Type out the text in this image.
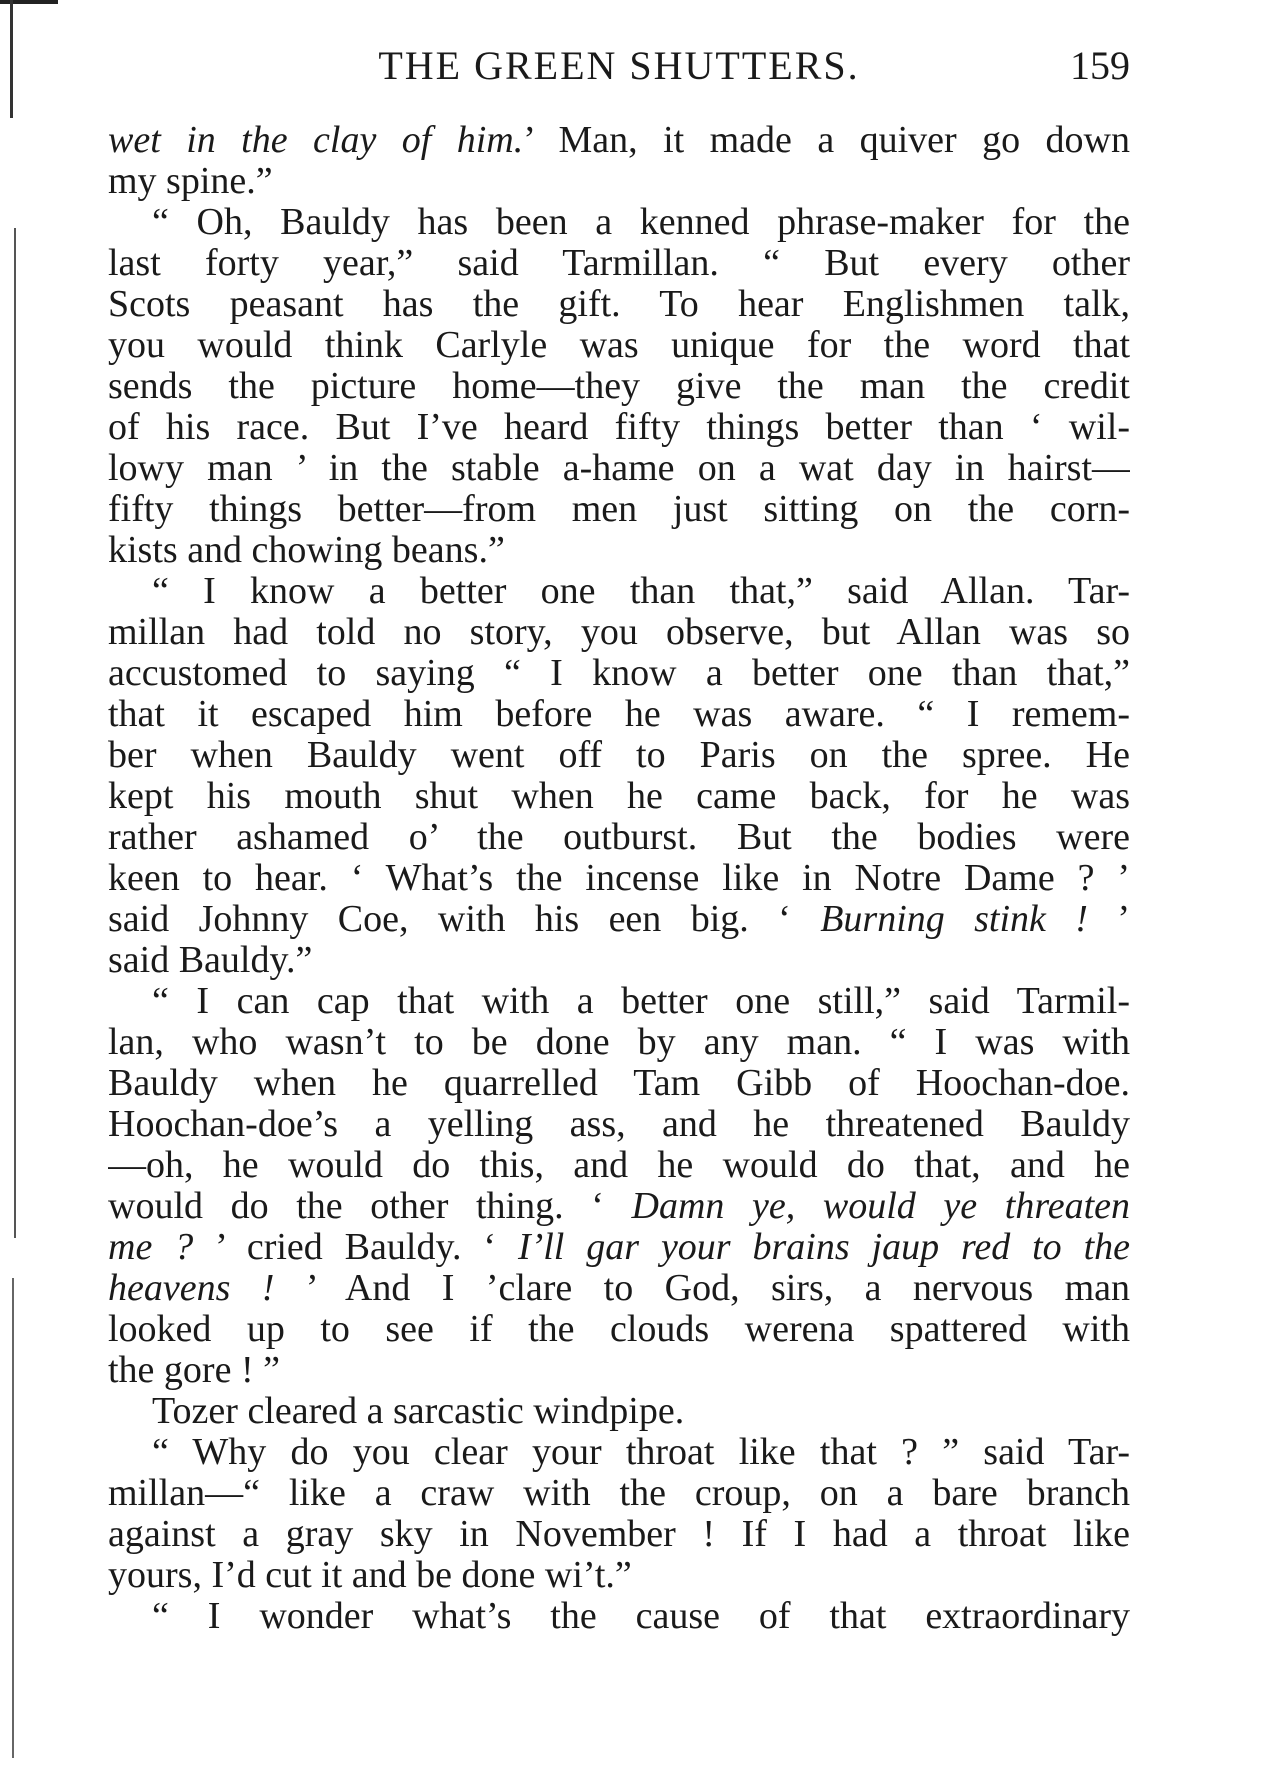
THE GREEN SHUTTERS.	159
wet in the clay of him.’ Man, it made a quiver go down
my spine.”
“ Oh, Bauldy has been a kenned phrase-maker for the
last forty year,” said Tarmillan. “ But every other
Scots peasant has the gift. To hear Englishmen talk,
you would think Carlyle was unique for the word that
sends the picture home—they give the man the credit
of his race. But I’ve heard fifty things better than ‘ wil-
lowy man ’ in the stable a-hame on a wat day in hairst—
fifty things better—from men just sitting on the corn-
kists and chowing beans.”
“ I know a better one than that,” said Allan. Tar-
millan had told no story, you observe, but Allan was so
accustomed to saying “ I know a better one than that,”
that it escaped him before he was aware. “ I remem-
ber when Bauldy went off to Paris on the spree. He
kept his mouth shut when he came back, for he was
rather ashamed o’ the outburst. But the bodies were
keen to hear. ‘ What’s the incense like in Notre Dame ? ’
said Johnny Coe, with his een big. ‘ Burning stink ! ’
said Bauldy.”
“ I can cap that with a better one still,” said Tarmil-
lan, who wasn’t to be done by any man. “ I was with
Bauldy when he quarrelled Tam Gibb of Hoochan-doe.
Hoochan-doe’s a yelling ass, and he threatened Bauldy
—oh, he would do this, and he would do that, and he
would do the other thing. ‘ Damn ye, would ye threaten
me ? ’ cried Bauldy. ‘ I’ll gar your brains jaup red to the
heavens ! ’ And I ’clare to God, sirs, a nervous man
looked up to see if the clouds werena spattered with
the gore ! ”
Tozer cleared a sarcastic windpipe.
“ Why do you clear your throat like that ? ” said Tar-
millan—“ like a craw with the croup, on a bare branch
against a gray sky in November ! If I had a throat like
yours, I’d cut it and be done wi’t.”
“ I wonder what’s the cause of that extraordinary
